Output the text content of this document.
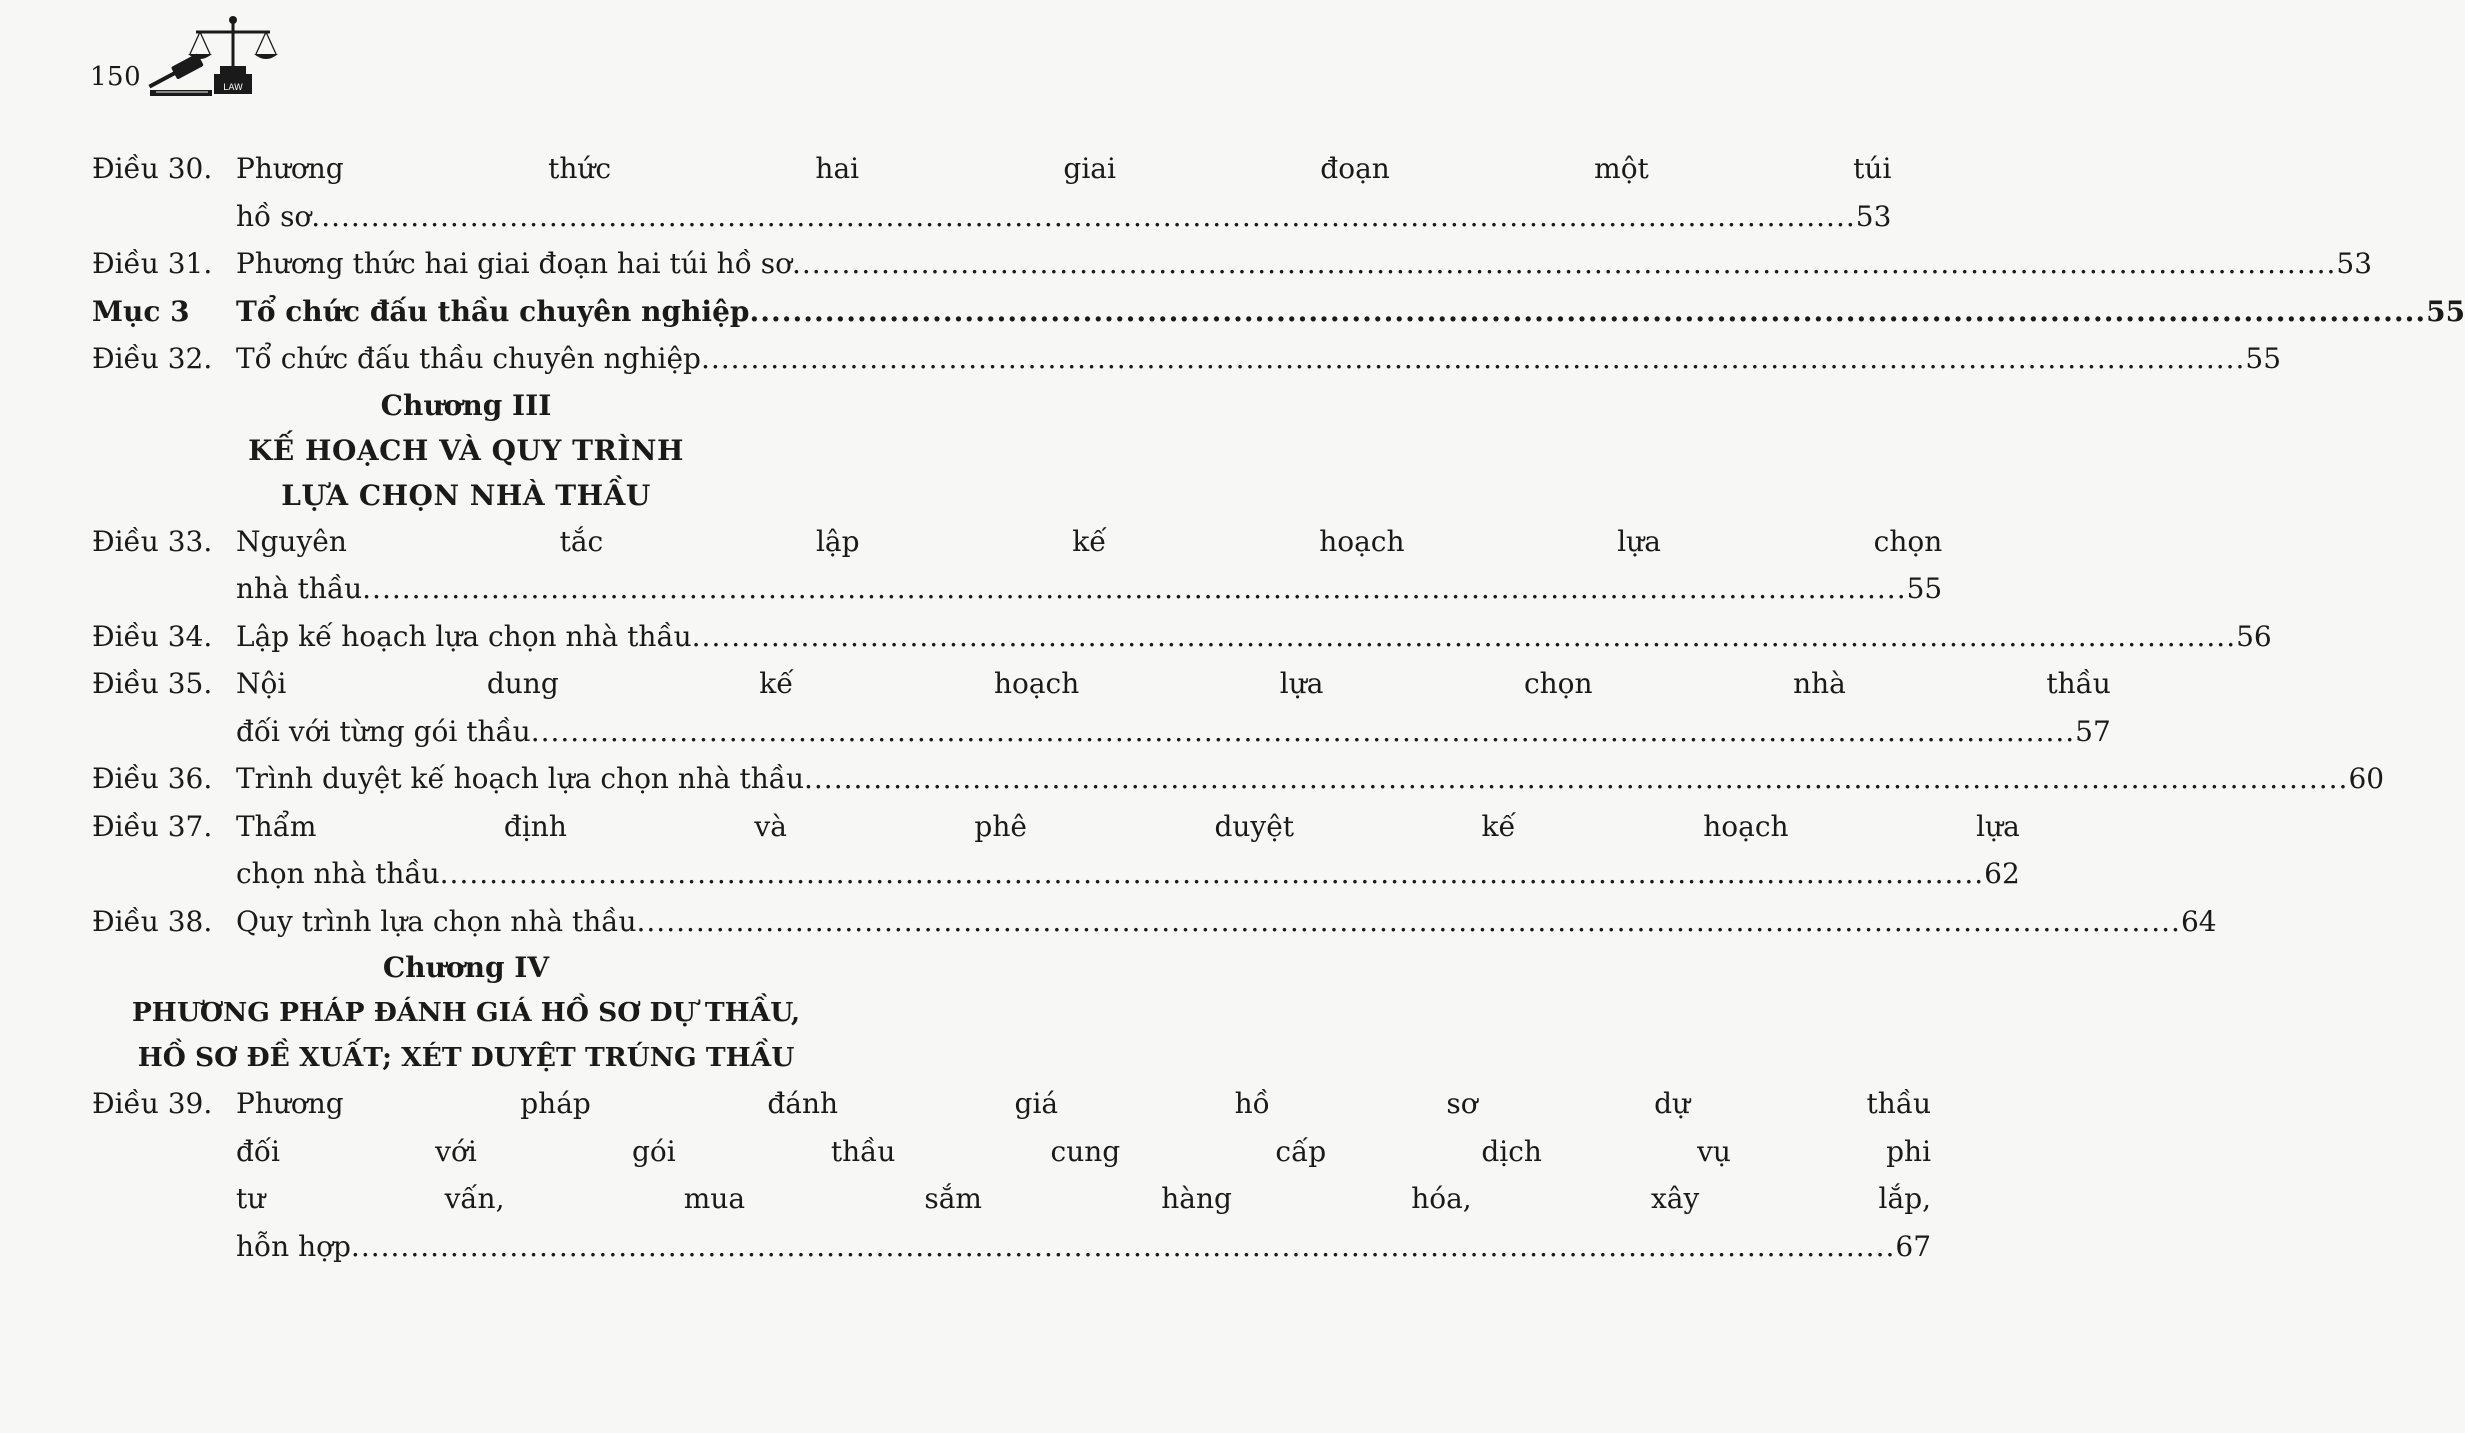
150	LAW
Điều 30. Phương thức hai giai đoạn một túi
hồ sơ .....	53
Điều 31. Phương thức hai giai đoạn hai túi hồ sơ .....	53
Mục 3	Tổ chức đấu thầu chuyên nghiệp .....	55
Điều 32. Tổ chức đấu thầu chuyên nghiệp .....	55
Chương III
KẾ HOẠCH VÀ QUY TRÌNH
LỰA CHỌN NHÀ THẦU
Điều 33. Nguyên tắc lập kế hoạch lựa chọn
nhà thầu .....	55
Điều 34. Lập kế hoạch lựa chọn nhà thầu .....	56
Điều 35. Nội dung kế hoạch lựa chọn nhà thầu
đối với từng gói thầu .....	57
Điều 36. Trình duyệt kế hoạch lựa chọn nhà thầu .....	60
Điều 37. Thẩm định và phê duyệt kế hoạch lựa
chọn nhà thầu .....	62
Điều 38. Quy trình lựa chọn nhà thầu .....	64
Chương IV
PHƯƠNG PHÁP ĐÁNH GIÁ HỒ SƠ DỰ THẦU,
HỒ SƠ ĐỀ XUẤT; XÉT DUYỆT TRÚNG THẦU
Điều 39. Phương pháp đánh giá hồ sơ dự thầu
đối với gói thầu cung cấp dịch vụ phi
tư vấn, mua sắm hàng hóa, xây lắp,
hỗn hợp .....	67
